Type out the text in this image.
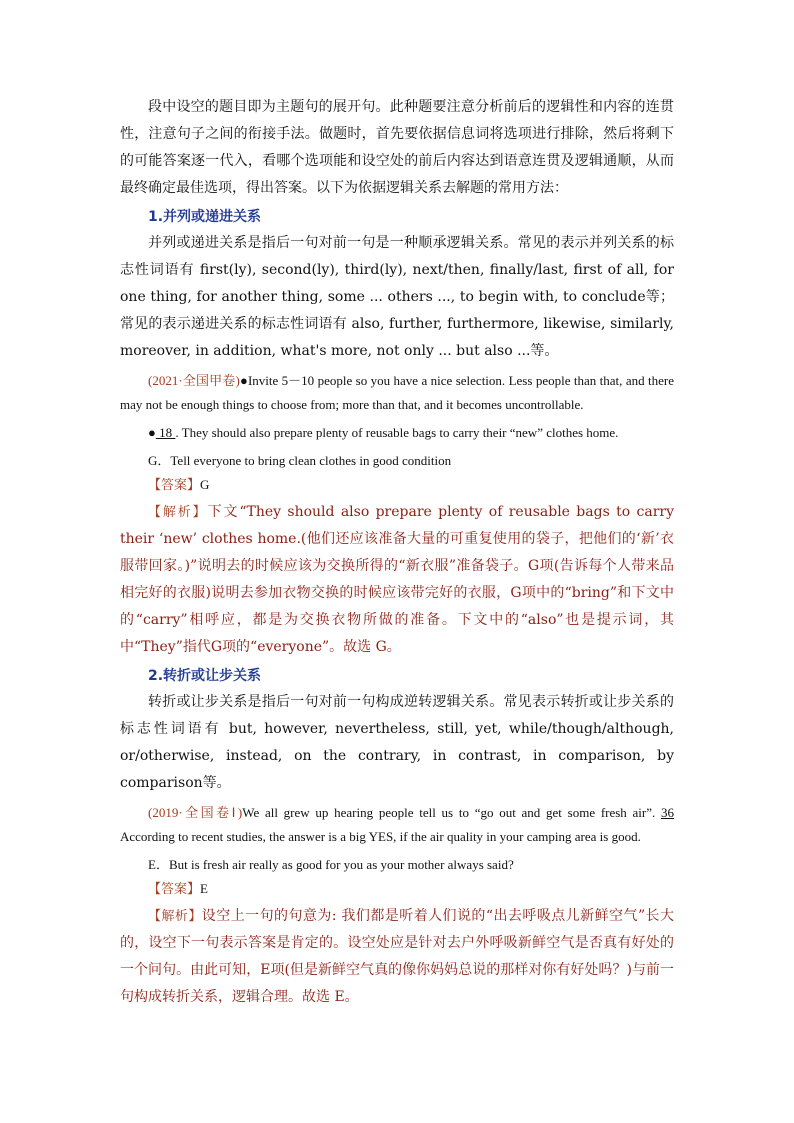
段中设空的题目即为主题句的展开句。此种题要注意分析前后的逻辑性和内容的连贯性，注意句子之间的衔接手法。做题时，首先要依据信息词将选项进行排除，然后将剩下的可能答案逐一代入，看哪个选项能和设空处的前后内容达到语意连贯及逻辑通顺，从而最终确定最佳选项，得出答案。以下为依据逻辑关系去解题的常用方法：

1.并列或递进关系

并列或递进关系是指后一句对前一句是一种顺承逻辑关系。常见的表示并列关系的标志性词语有 first(ly), second(ly), third(ly), next/then, finally/last, first of all, for one thing, for another thing, some ... others ..., to begin with, to conclude等；常见的表示递进关系的标志性词语有 also, further, furthermore, likewise, similarly, moreover, in addition, what's more, not only ... but also ...等。

(2021·全国甲卷)●Invite 5－10 people so you have a nice selection. Less people than that, and there may not be enough things to choose from; more than that, and it becomes uncontrollable.

● 18 . They should also prepare plenty of reusable bags to carry their “new” clothes home.

G．Tell everyone to bring clean clothes in good condition

【答案】G

【解析】下文“They should also prepare plenty of reusable bags to carry their ‘new’ clothes home.(他们还应该准备大量的可重复使用的袋子，把他们的‘新’衣服带回家。)”说明去的时候应该为交换所得的“新衣服”准备袋子。G项(告诉每个人带来品相完好的衣服)说明去参加衣物交换的时候应该带完好的衣服，G项中的“bring”和下文中的“carry”相呼应，都是为交换衣物所做的准备。下文中的“also”也是提示词，其中“They”指代G项的“everyone”。故选 G。

2.转折或让步关系

转折或让步关系是指后一句对前一句构成逆转逻辑关系。常见表示转折或让步关系的标志性词语有 but, however, nevertheless, still, yet, while/though/although, or/otherwise, instead, on the contrary, in contrast, in comparison, by comparison等。

(2019·全国卷Ⅰ)We all grew up hearing people tell us to “go out and get some fresh air”. 36 According to recent studies, the answer is a big YES, if the air quality in your camping area is good.

E．But is fresh air really as good for you as your mother always said?

【答案】E

【解析】设空上一句的句意为: 我们都是听着人们说的“出去呼吸点儿新鲜空气”长大的，设空下一句表示答案是肯定的。设空处应是针对去户外呼吸新鲜空气是否真有好处的一个问句。由此可知，E项(但是新鲜空气真的像你妈妈总说的那样对你有好处吗？)与前一句构成转折关系，逻辑合理。故选 E。
